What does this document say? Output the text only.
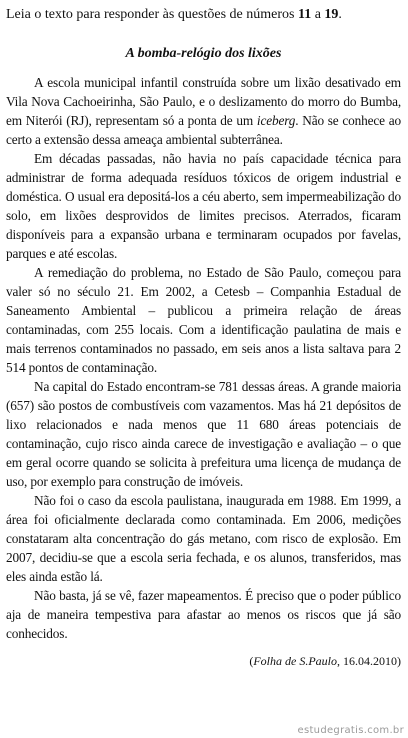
Leia o texto para responder às questões de números 11 a 19.

A bomba-relógio dos lixões

A escola municipal infantil construída sobre um lixão desativado em Vila Nova Cachoeirinha, São Paulo, e o deslizamento do morro do Bumba, em Niterói (RJ), representam só a ponta de um iceberg. Não se conhece ao certo a extensão dessa ameaça ambiental subterrânea.

Em décadas passadas, não havia no país capacidade técnica para administrar de forma adequada resíduos tóxicos de origem industrial e doméstica. O usual era depositá-los a céu aberto, sem impermeabilização do solo, em lixões desprovidos de limites precisos. Aterrados, ficaram disponíveis para a expansão urbana e terminaram ocupados por favelas, parques e até escolas.

A remediação do problema, no Estado de São Paulo, começou para valer só no século 21. Em 2002, a Cetesb – Companhia Estadual de Saneamento Ambiental – publicou a primeira relação de áreas contaminadas, com 255 locais. Com a identificação paulatina de mais e mais terrenos contaminados no passado, em seis anos a lista saltava para 2 514 pontos de contaminação.

Na capital do Estado encontram-se 781 dessas áreas. A grande maioria (657) são postos de combustíveis com vazamentos. Mas há 21 depósitos de lixo relacionados e nada menos que 11 680 áreas potenciais de contaminação, cujo risco ainda carece de investigação e avaliação – o que em geral ocorre quando se solicita à prefeitura uma licença de mudança de uso, por exemplo para construção de imóveis.

Não foi o caso da escola paulistana, inaugurada em 1988. Em 1999, a área foi oficialmente declarada como contaminada. Em 2006, medições constataram alta concentração do gás metano, com risco de explosão. Em 2007, decidiu-se que a escola seria fechada, e os alunos, transferidos, mas eles ainda estão lá.

Não basta, já se vê, fazer mapeamentos. É preciso que o poder público aja de maneira tempestiva para afastar ao menos os riscos que já são conhecidos.

(Folha de S.Paulo, 16.04.2010)

estudegratis.com.br
